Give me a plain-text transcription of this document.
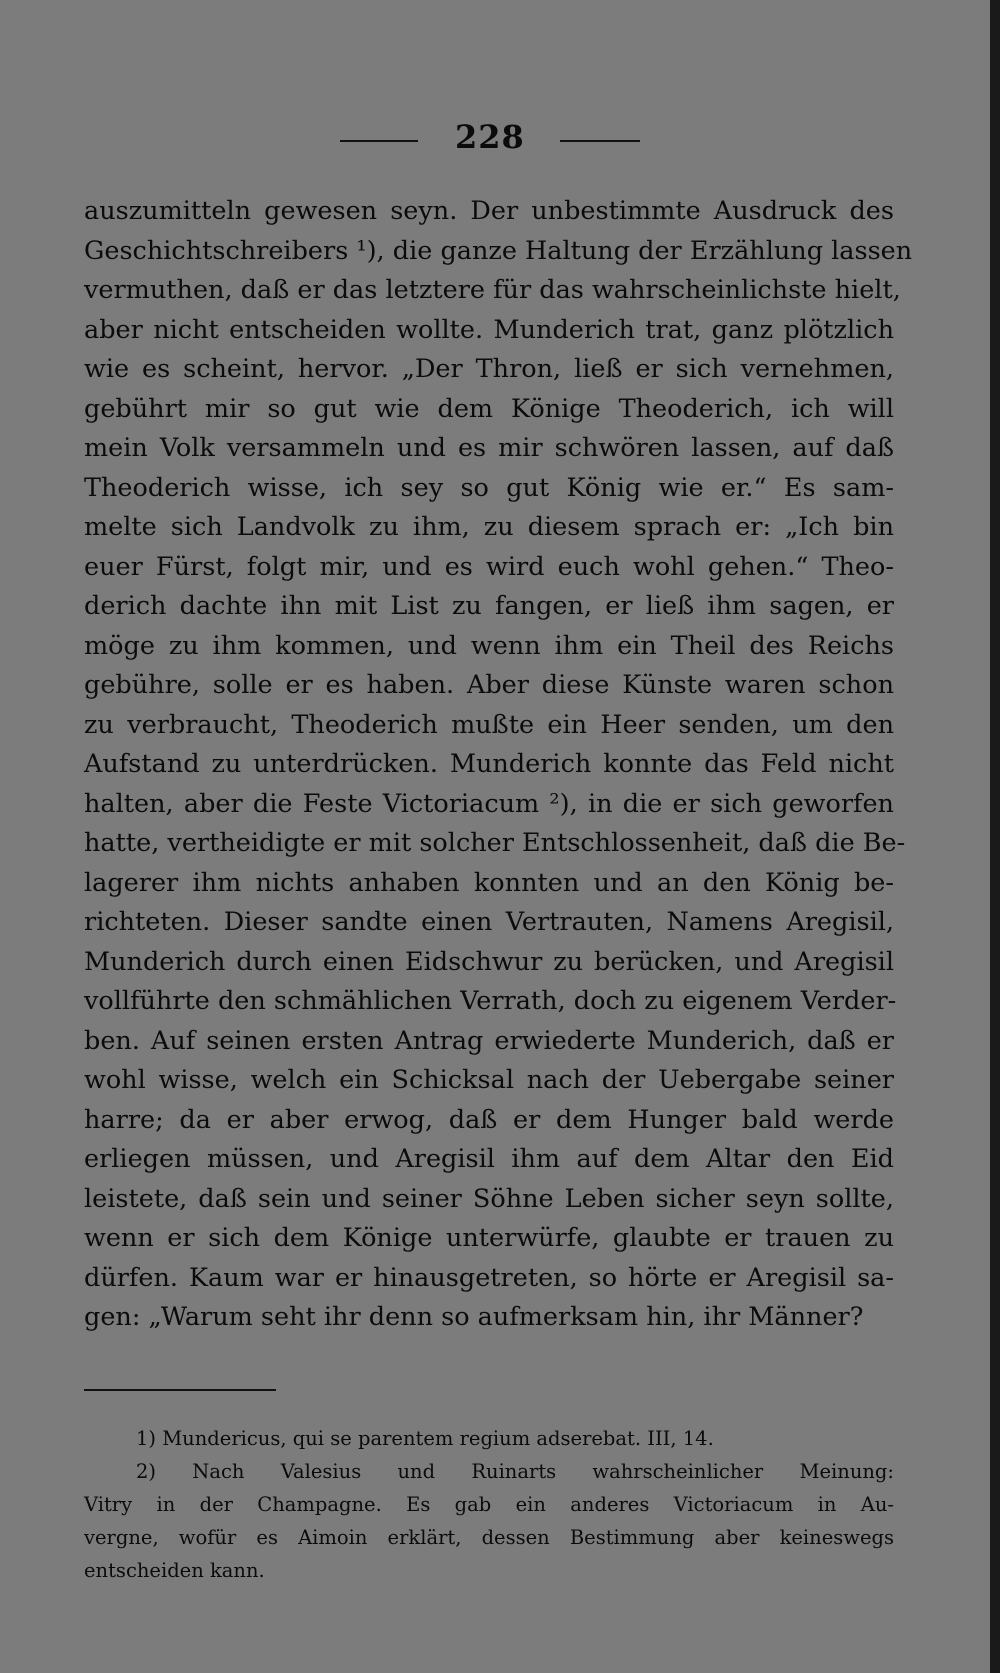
228
auszumitteln gewesen seyn. Der unbestimmte Ausdruck des
Geschichtschreibers ¹), die ganze Haltung der Erzählung lassen
vermuthen, daß er das letztere für das wahrscheinlichste hielt,
aber nicht entscheiden wollte. Munderich trat, ganz plötzlich
wie es scheint, hervor. „Der Thron, ließ er sich vernehmen,
gebührt mir so gut wie dem Könige Theoderich, ich will
mein Volk versammeln und es mir schwören lassen, auf daß
Theoderich wisse, ich sey so gut König wie er.“ Es sam-
melte sich Landvolk zu ihm, zu diesem sprach er: „Ich bin
euer Fürst, folgt mir, und es wird euch wohl gehen.“ Theo-
derich dachte ihn mit List zu fangen, er ließ ihm sagen, er
möge zu ihm kommen, und wenn ihm ein Theil des Reichs
gebühre, solle er es haben. Aber diese Künste waren schon
zu verbraucht, Theoderich mußte ein Heer senden, um den
Aufstand zu unterdrücken. Munderich konnte das Feld nicht
halten, aber die Feste Victoriacum ²), in die er sich geworfen
hatte, vertheidigte er mit solcher Entschlossenheit, daß die Be-
lagerer ihm nichts anhaben konnten und an den König be-
richteten. Dieser sandte einen Vertrauten, Namens Aregisil,
Munderich durch einen Eidschwur zu berücken, und Aregisil
vollführte den schmählichen Verrath, doch zu eigenem Verder-
ben. Auf seinen ersten Antrag erwiederte Munderich, daß er
wohl wisse, welch ein Schicksal nach der Uebergabe seiner
harre; da er aber erwog, daß er dem Hunger bald werde
erliegen müssen, und Aregisil ihm auf dem Altar den Eid
leistete, daß sein und seiner Söhne Leben sicher seyn sollte,
wenn er sich dem Könige unterwürfe, glaubte er trauen zu
dürfen. Kaum war er hinausgetreten, so hörte er Aregisil sa-
gen: „Warum seht ihr denn so aufmerksam hin, ihr Männer?
1) Mundericus, qui se parentem regium adserebat. III, 14.
2) Nach Valesius und Ruinarts wahrscheinlicher Meinung:
Vitry in der Champagne. Es gab ein anderes Victoriacum in Au-
vergne, wofür es Aimoin erklärt, dessen Bestimmung aber keineswegs
entscheiden kann.
